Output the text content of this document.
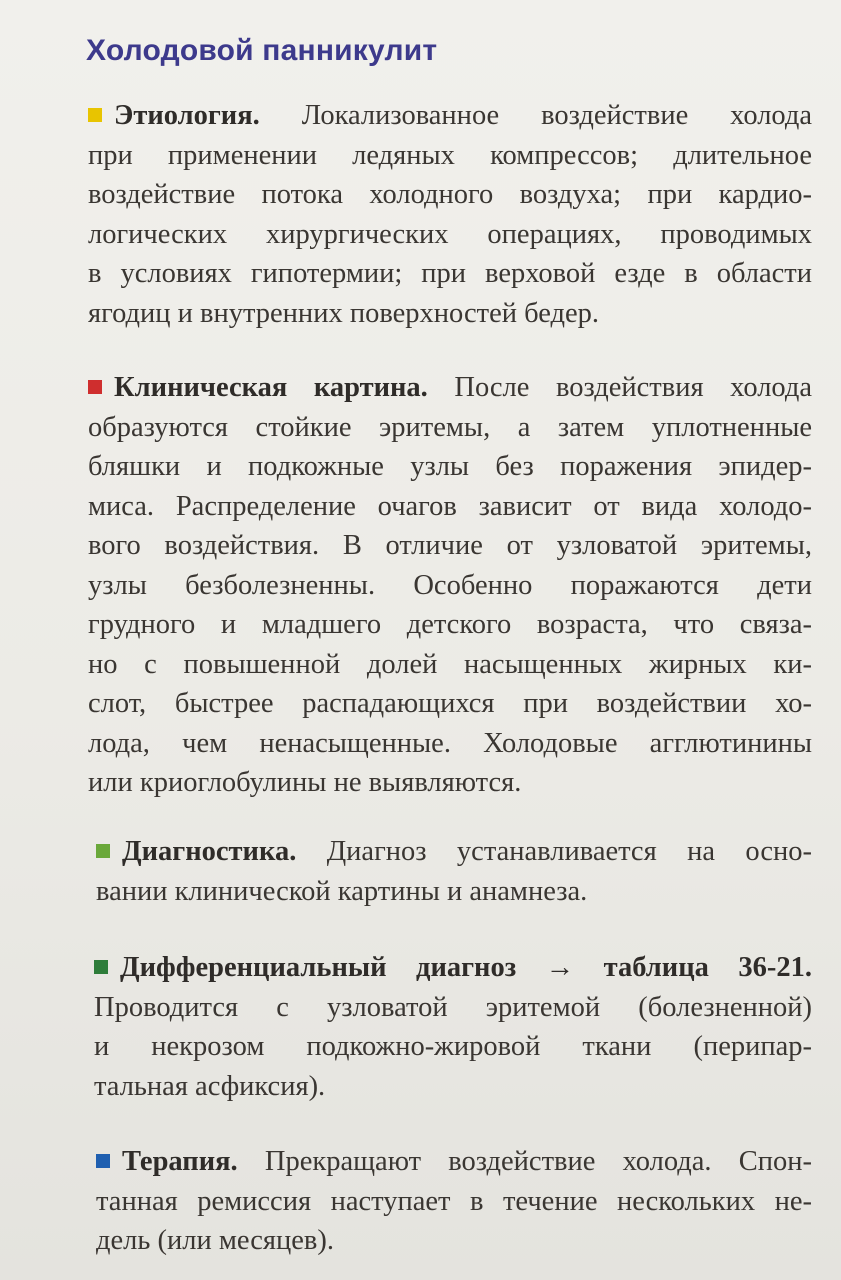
Холодовой панникулит
Этиология. Локализованное воздействие холода
при применении ледяных компрессов; длительное
воздействие потока холодного воздуха; при кардио-
логических хирургических операциях, проводимых
в условиях гипотермии; при верховой езде в области
ягодиц и внутренних поверхностей бедер.
Клиническая картина. После воздействия холода
образуются стойкие эритемы, а затем уплотненные
бляшки и подкожные узлы без поражения эпидер-
миса. Распределение очагов зависит от вида холодо-
вого воздействия. В отличие от узловатой эритемы,
узлы безболезненны. Особенно поражаются дети
грудного и младшего детского возраста, что связа-
но с повышенной долей насыщенных жирных ки-
слот, быстрее распадающихся при воздействии хо-
лода, чем ненасыщенные. Холодовые агглютинины
или криоглобулины не выявляются.
Диагностика. Диагноз устанавливается на осно-
вании клинической картины и анамнеза.
Дифференциальный диагноз → таблица 36-21.
Проводится с узловатой эритемой (болезненной)
и некрозом подкожно-жировой ткани (перипар-
тальная асфиксия).
Терапия. Прекращают воздействие холода. Спон-
танная ремиссия наступает в течение нескольких не-
дель (или месяцев).
